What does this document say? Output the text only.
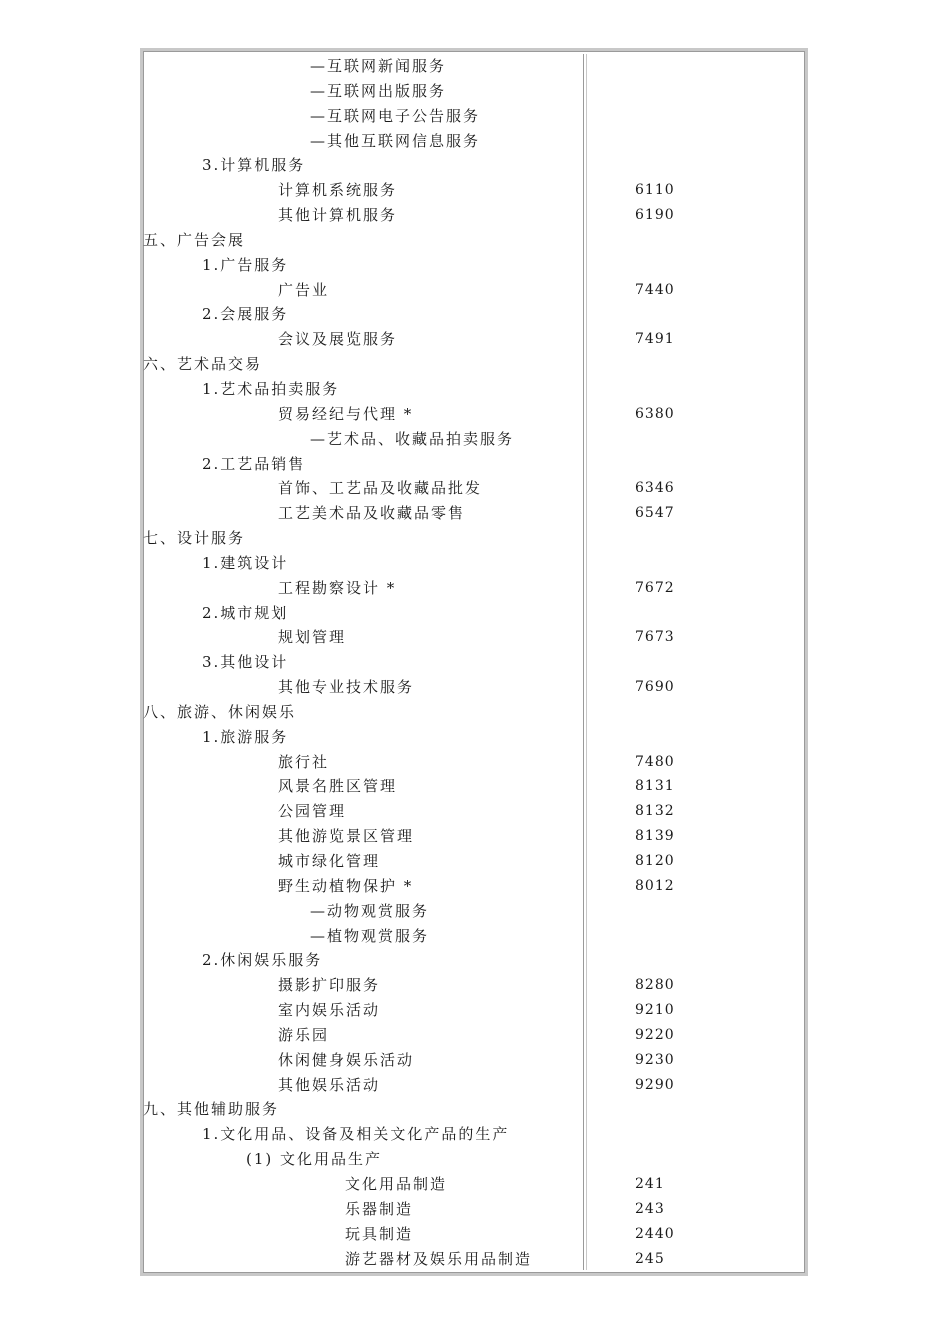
—互联网新闻服务
—互联网出版服务
—互联网电子公告服务
—其他互联网信息服务
3.计算机服务
计算机系统服务	6110
其他计算机服务	6190
五、广告会展
1.广告服务
广告业	7440
2.会展服务
会议及展览服务	7491
六、艺术品交易
1.艺术品拍卖服务
贸易经纪与代理 *	6380
—艺术品、收藏品拍卖服务
2.工艺品销售
首饰、工艺品及收藏品批发	6346
工艺美术品及收藏品零售	6547
七、设计服务
1.建筑设计
工程勘察设计 *	7672
2.城市规划
规划管理	7673
3.其他设计
其他专业技术服务	7690
八、旅游、休闲娱乐
1.旅游服务
旅行社	7480
风景名胜区管理	8131
公园管理	8132
其他游览景区管理	8139
城市绿化管理	8120
野生动植物保护 *	8012
—动物观赏服务
—植物观赏服务
2.休闲娱乐服务
摄影扩印服务	8280
室内娱乐活动	9210
游乐园	9220
休闲健身娱乐活动	9230
其他娱乐活动	9290
九、其他辅助服务
1.文化用品、设备及相关文化产品的生产
(1) 文化用品生产
文化用品制造	241
乐器制造	243
玩具制造	2440
游艺器材及娱乐用品制造	245
